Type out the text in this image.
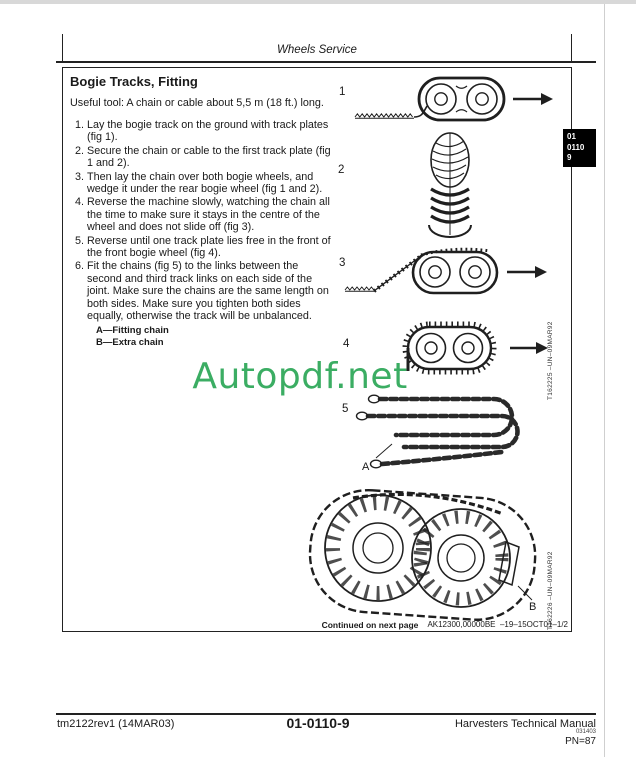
Wheels Service
01
0110
9
Bogie Tracks, Fitting
Useful tool: A chain or cable about 5,5 m (18 ft.) long.
1. Lay the bogie track on the ground with track plates (fig 1).
2. Secure the chain or cable to the first track plate (fig 1 and 2).
3. Then lay the chain over both bogie wheels, and wedge it under the rear bogie wheel (fig 1 and 2).
4. Reverse the machine slowly, watching the chain all the time to make sure it stays in the centre of the wheel and does not slide off (fig 3).
5. Reverse until one track plate lies free in the front of the front bogie wheel (fig 4).
6. Fit the chains (fig 5) to the links between the second and third track links on each side of the joint. Make sure the chains are the same length on both sides. Make sure you tighten both sides equally, otherwise the track will be unbalanced.
A—Fitting chain
B—Extra chain
Autopdf.net
1
2
3
4
5
T162225 –UN–09MAR92
A
B T162226 –UN–09MAR92
Continued on next page	AK12300,00000BE  –19–15OCT01–1/2
tm2122rev1 (14MAR03)	01-0110-9	Harvesters Technical Manual
031403
PN=87
